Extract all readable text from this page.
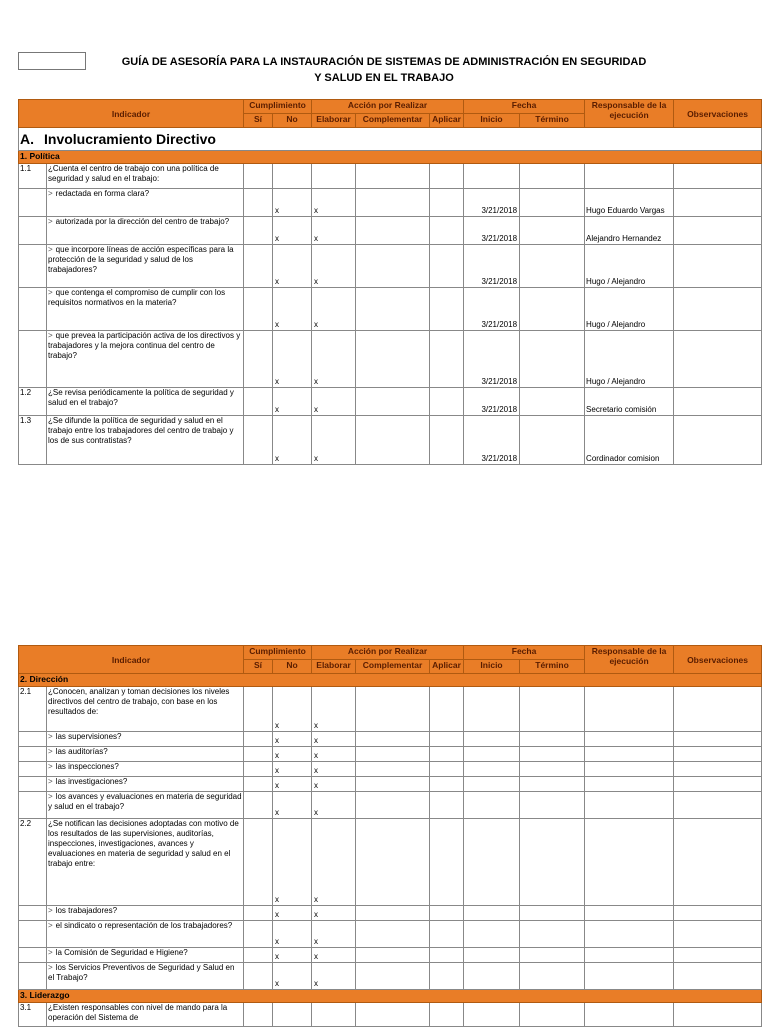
GUÍA DE ASESORÍA PARA LA INSTAURACIÓN DE SISTEMAS DE ADMINISTRACIÓN EN SEGURIDAD
Y SALUD EN EL TRABAJO
Indicador		Cumplimiento		Acción por Realizar			Fecha		Responsable de la ejecución	Observaciones
		Sí	No	Elaborar	Complementar	Aplicar	Inicio	Término		
A. Involucramiento Directivo										
1. Política										
1.1	¿Cuenta el centro de trabajo con una política de seguridad y salud en el trabajo:									
	> redactada en forma clara?		x	x			3/21/2018		Hugo Eduardo Vargas	
	> autorizada por la dirección del centro de trabajo?		x	x			3/21/2018		Alejandro Hernandez	
	> que incorpore líneas de acción específicas para la protección de la seguridad y salud de los trabajadores?		x	x			3/21/2018		Hugo / Alejandro	
	> que contenga el compromiso de cumplir con los requisitos normativos en la materia?		x	x			3/21/2018		Hugo / Alejandro	
	> que prevea la participación activa de los directivos y trabajadores y la mejora continua del centro de trabajo?		x	x			3/21/2018		Hugo / Alejandro	
1.2	¿Se revisa periódicamente la política de seguridad y salud en el trabajo?		x	x			3/21/2018		Secretario comisión	
1.3	¿Se difunde la política de seguridad y salud en el trabajo entre los trabajadores del centro de trabajo y los de sus contratistas?		x	x			3/21/2018		Cordinador comision	
Indicador		Cumplimiento		Acción por Realizar			Fecha		Responsable de la ejecución	Observaciones
		Sí	No	Elaborar	Complementar	Aplicar	Inicio	Término		
2. Dirección										
2.1	¿Conocen, analizan y toman decisiones los niveles directivos del centro de trabajo, con base en los resultados de:		x	x						
	> las supervisiones?		x	x						
	> las auditorías?		x	x						
	> las inspecciones?		x	x						
	> las investigaciones?		x	x						
	> los avances y evaluaciones en materia de seguridad y salud en el trabajo?		x	x						
2.2	¿Se notifican las decisiones adoptadas con motivo de los resultados de las supervisiones, auditorías, inspecciones, investigaciones, avances y evaluaciones en materia de seguridad y salud en el trabajo entre:		x	x						
	> los trabajadores?		x	x						
	> el sindicato o representación de los trabajadores?		x	x						
	> la Comisión de Seguridad e Higiene?		x	x						
	> los Servicios Preventivos de Seguridad y Salud en el Trabajo?		x	x						
3. Liderazgo										
3.1	¿Existen responsables con nivel de mando para la operación del Sistema de									
